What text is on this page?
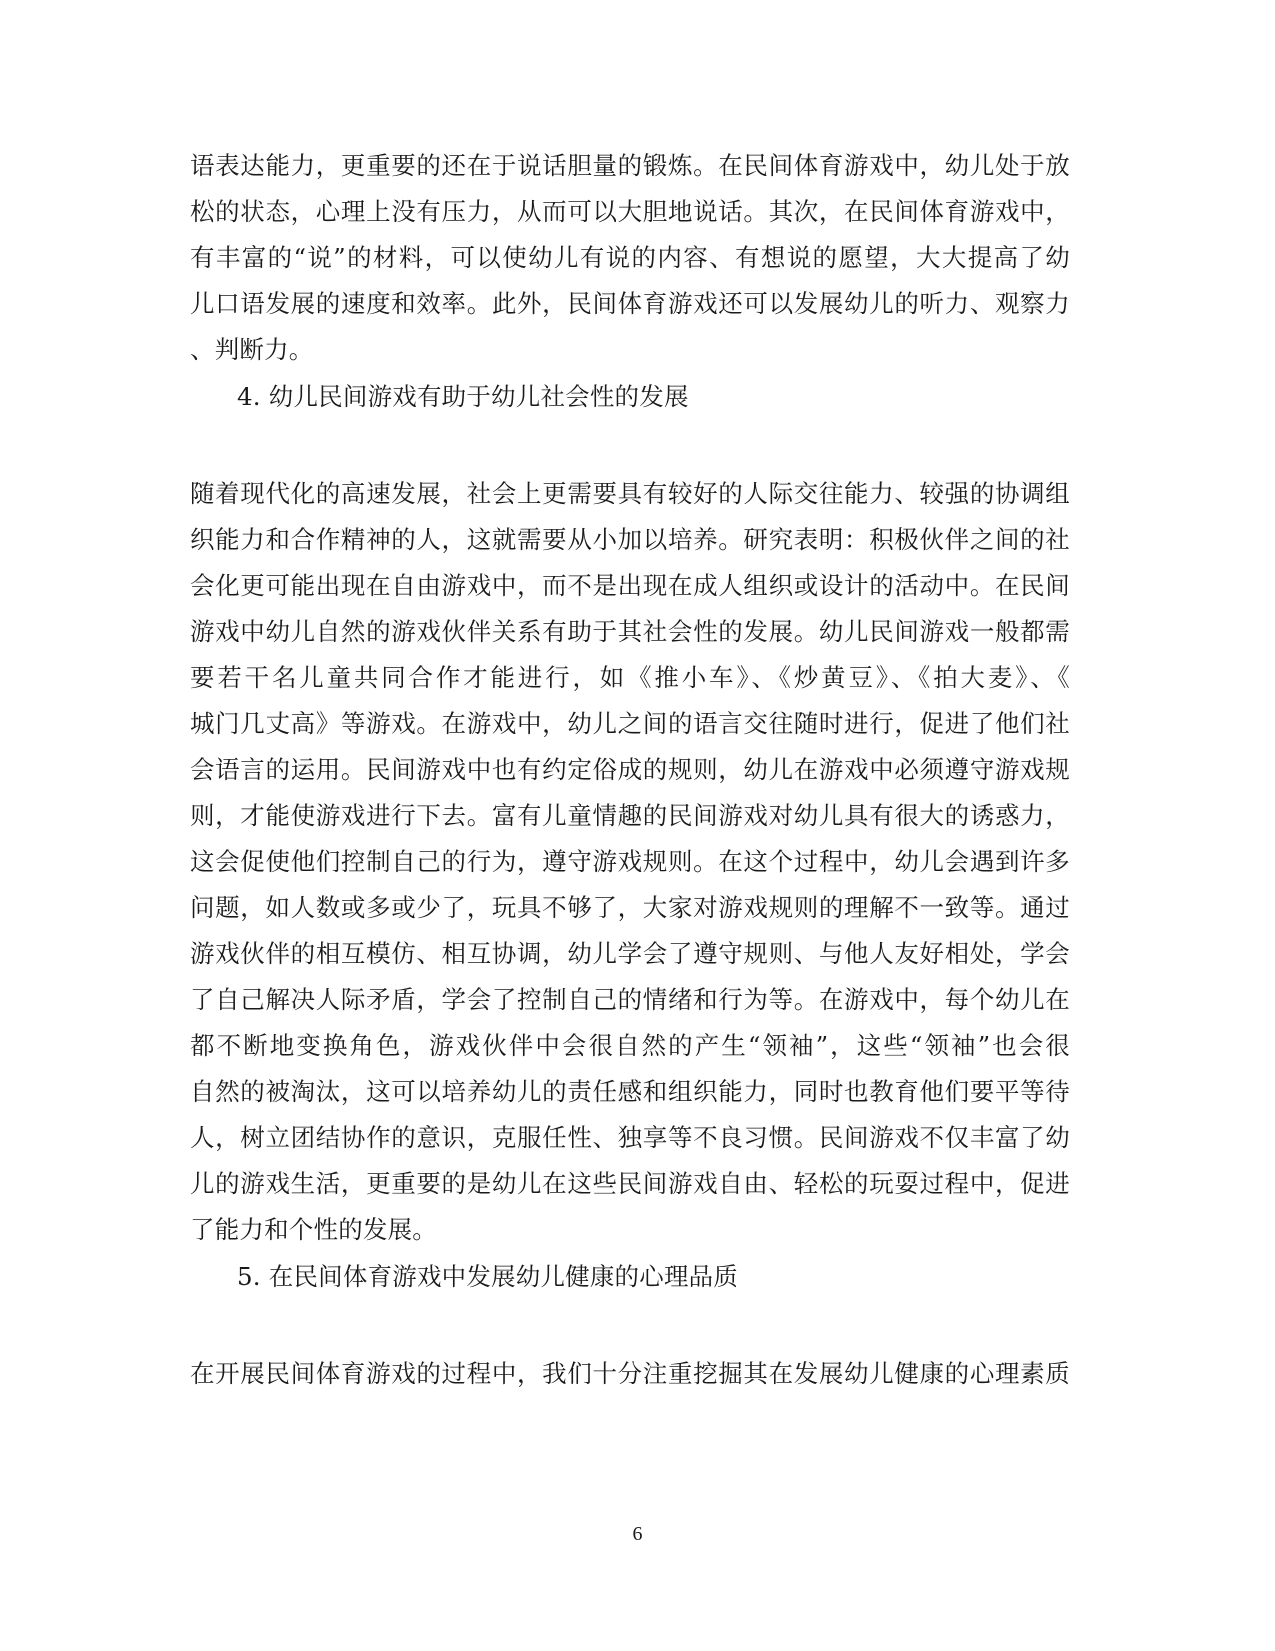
语表达能力，更重要的还在于说话胆量的锻炼。在民间体育游戏中，幼儿处于放
松的状态，心理上没有压力，从而可以大胆地说话。其次，在民间体育游戏中，
有丰富的“说”的材料，可以使幼儿有说的内容、有想说的愿望，大大提高了幼
儿口语发展的速度和效率。此外，民间体育游戏还可以发展幼儿的听力、观察力
、判断力。
4. 幼儿民间游戏有助于幼儿社会性的发展
随着现代化的高速发展，社会上更需要具有较好的人际交往能力、较强的协调组
织能力和合作精神的人，这就需要从小加以培养。研究表明：积极伙伴之间的社
会化更可能出现在自由游戏中，而不是出现在成人组织或设计的活动中。在民间
游戏中幼儿自然的游戏伙伴关系有助于其社会性的发展。幼儿民间游戏一般都需
要若干名儿童共同合作才能进行，如《推小车》、《炒黄豆》、《拍大麦》、《
城门几丈高》等游戏。在游戏中，幼儿之间的语言交往随时进行，促进了他们社
会语言的运用。民间游戏中也有约定俗成的规则，幼儿在游戏中必须遵守游戏规
则，才能使游戏进行下去。富有儿童情趣的民间游戏对幼儿具有很大的诱惑力，
这会促使他们控制自己的行为，遵守游戏规则。在这个过程中，幼儿会遇到许多
问题，如人数或多或少了，玩具不够了，大家对游戏规则的理解不一致等。通过
游戏伙伴的相互模仿、相互协调，幼儿学会了遵守规则、与他人友好相处，学会
了自己解决人际矛盾，学会了控制自己的情绪和行为等。在游戏中，每个幼儿在
都不断地变换角色，游戏伙伴中会很自然的产生“领袖”，这些“领袖”也会很
自然的被淘汰，这可以培养幼儿的责任感和组织能力，同时也教育他们要平等待
人，树立团结协作的意识，克服任性、独享等不良习惯。民间游戏不仅丰富了幼
儿的游戏生活，更重要的是幼儿在这些民间游戏自由、轻松的玩耍过程中，促进
了能力和个性的发展。
5. 在民间体育游戏中发展幼儿健康的心理品质
在开展民间体育游戏的过程中，我们十分注重挖掘其在发展幼儿健康的心理素质
6
